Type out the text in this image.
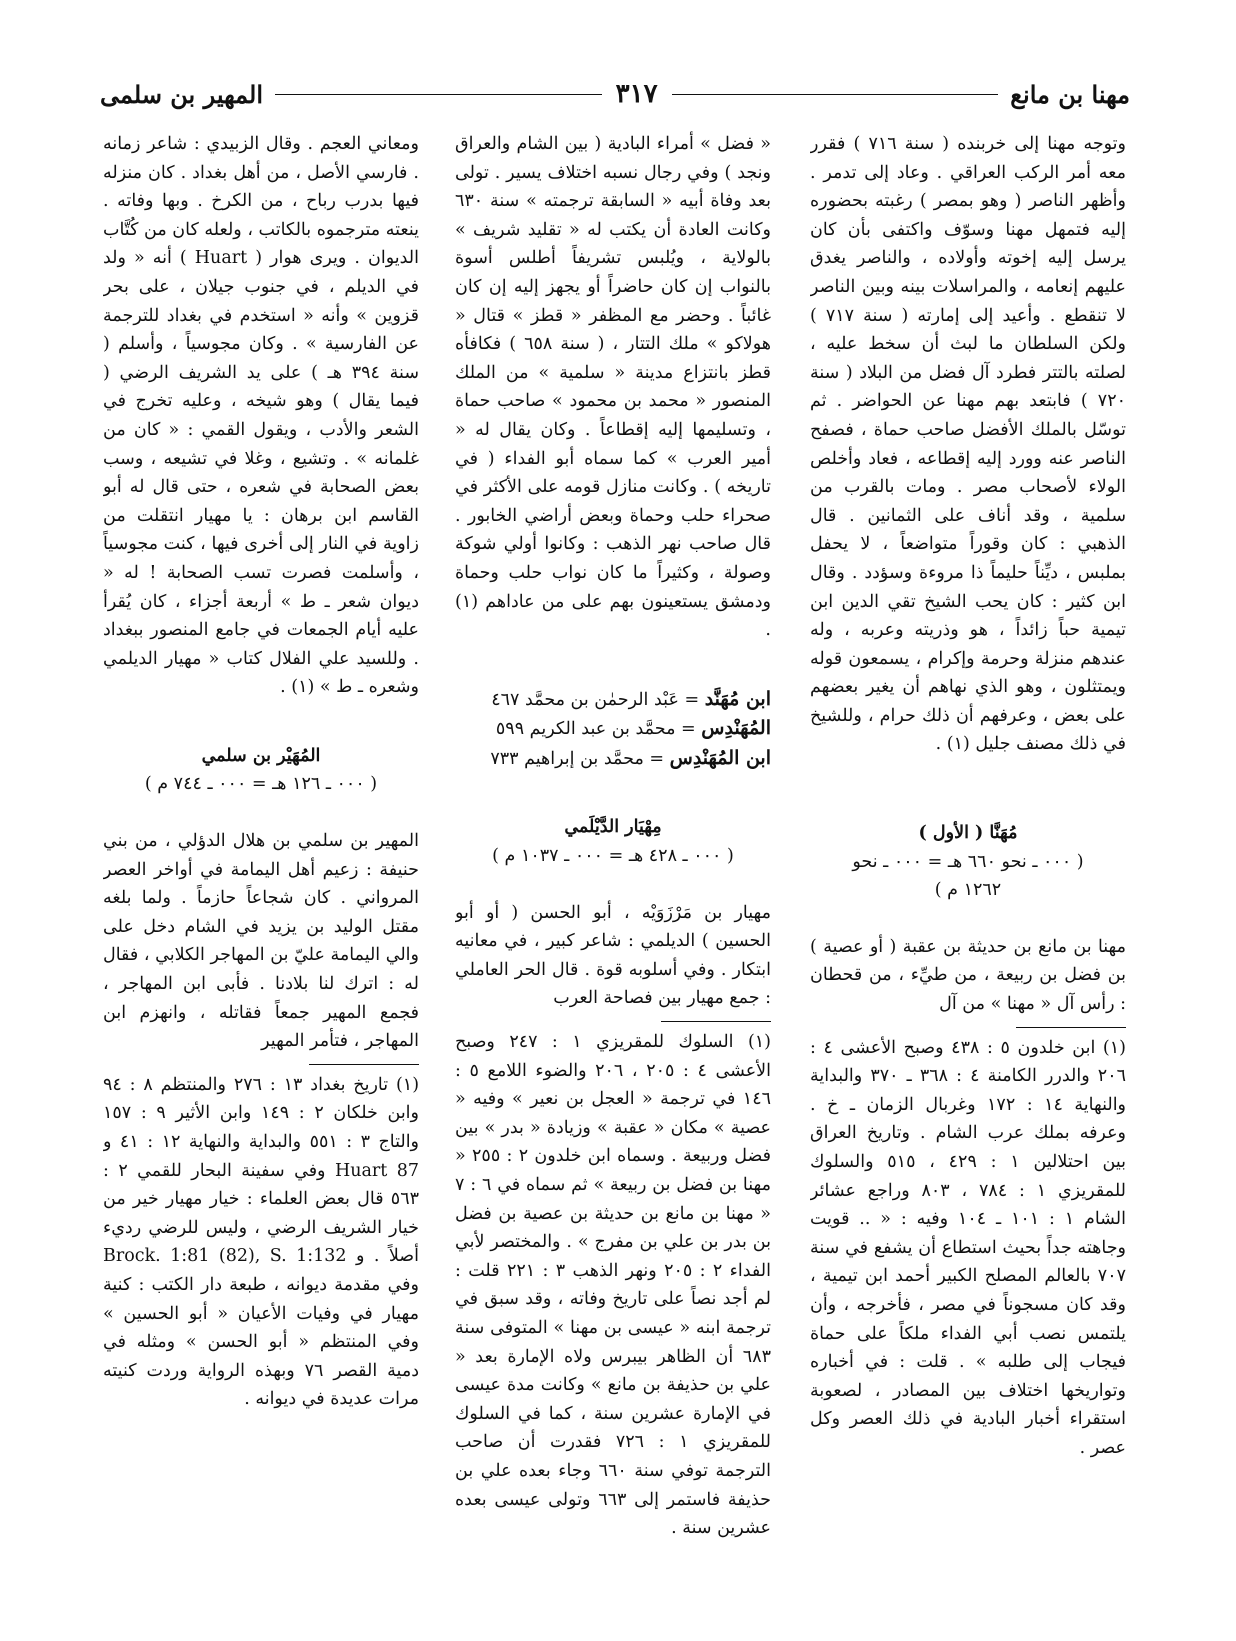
مهنا بن مانع
٣١٧
المهير بن سلمى

وتوجه مهنا إلى خربنده ( سنة ٧١٦ ) فقرر معه أمر الركب العراقي . وعاد إلى تدمر . وأظهر الناصر ( وهو بمصر ) رغبته بحضوره إليه فتمهل مهنا وسوّف واكتفى بأن كان يرسل إليه إخوته وأولاده ، والناصر يغدق عليهم إنعامه ، والمراسلات بينه وبين الناصر لا تنقطع . وأعيد إلى إمارته ( سنة ٧١٧ ) ولكن السلطان ما لبث أن سخط عليه ، لصلته بالتتر فطرد آل فضل من البلاد ( سنة ٧٢٠ ) فابتعد بهم مهنا عن الحواضر . ثم توسّل بالملك الأفضل صاحب حماة ، فصفح الناصر عنه وورد إليه إقطاعه ، فعاد وأخلص الولاء لأصحاب مصر . ومات بالقرب من سلمية ، وقد أناف على الثمانين . قال الذهبي : كان وقوراً متواضعاً ، لا يحفل بملبس ، ديِّناً حليماً ذا مروءة وسؤدد . وقال ابن كثير : كان يحب الشيخ تقي الدين ابن تيمية حباً زائداً ، هو وذريته وعربه ، وله عندهم منزلة وحرمة وإكرام ، يسمعون قوله ويمتثلون ، وهو الذي نهاهم أن يغير بعضهم على بعض ، وعرفهم أن ذلك حرام ، وللشيخ في ذلك مصنف جليل (١) .

مُهَنَّا ( الأول )

( ٠٠٠ ـ نحو ٦٦٠ هـ = ٠٠٠ ـ نحو

١٢٦٢ م )

مهنا بن مانع بن حديثة بن عقبة ( أو عصية ) بن فضل بن ربيعة ، من طيِّء ، من قحطان : رأس آل « مهنا » من آل

(١) ابن خلدون ٥ : ٤٣٨ وصبح الأعشى ٤ : ٢٠٦ والدرر الكامنة ٤ : ٣٦٨ ـ ٣٧٠ والبداية والنهاية ١٤ : ١٧٢ وغربال الزمان ـ خ . وعرفه بملك عرب الشام . وتاريخ العراق بين احتلالين ١ : ٤٢٩ ، ٥١٥ والسلوك للمقريزي ١ : ٧٨٤ ، ٨٠٣ وراجع عشائر الشام ١ : ١٠١ ـ ١٠٤ وفيه : « .. قويت وجاهته جداً بحيث استطاع أن يشفع في سنة ٧٠٧ بالعالم المصلح الكبير أحمد ابن تيمية ، وقد كان مسجوناً في مصر ، فأخرجه ، وأن يلتمس نصب أبي الفداء ملكاً على حماة فيجاب إلى طلبه » . قلت : في أخباره وتواريخها اختلاف بين المصادر ، لصعوبة استقراء أخبار البادية في ذلك العصر وكل عصر .

« فضل » أمراء البادية ( بين الشام والعراق ونجد ) وفي رجال نسبه اختلاف يسير . تولى بعد وفاة أبيه « السابقة ترجمته » سنة ٦٣٠ وكانت العادة أن يكتب له « تقليد شريف » بالولاية ، ويُلبس تشريفاً أطلس أسوة بالنواب إن كان حاضراً أو يجهز إليه إن كان غائباً . وحضر مع المظفر « قطز » قتال « هولاكو » ملك التتار ، ( سنة ٦٥٨ ) فكافأه قطز بانتزاع مدينة « سلمية » من الملك المنصور « محمد بن محمود » صاحب حماة ، وتسليمها إليه إقطاعاً . وكان يقال له « أمير العرب » كما سماه أبو الفداء ( في تاريخه ) . وكانت منازل قومه على الأكثر في صحراء حلب وحماة وبعض أراضي الخابور . قال صاحب نهر الذهب : وكانوا أولي شوكة وصولة ، وكثيراً ما كان نواب حلب وحماة ودمشق يستعينون بهم على من عاداهم (١) .

ابن مُهَنَّد = عَبْد الرحمٰن بن محمَّد ٤٦٧

المُهَنْدِس = محمَّد بن عبد الكريم ٥٩٩

ابن المُهَنْدِس = محمَّد بن إبراهيم ٧٣٣

مِهْيَار الدَّيْلَمي

( ٠٠٠ ـ ٤٢٨ هـ = ٠٠٠ ـ ١٠٣٧ م )

مهيار بن مَرْزَوَيْه ، أبو الحسن ( أو أبو الحسين ) الديلمي : شاعر كبير ، في معانيه ابتكار . وفي أسلوبه قوة . قال الحر العاملي : جمع مهيار بين فصاحة العرب

(١) السلوك للمقريزي ١ : ٢٤٧ وصبح الأعشى ٤ : ٢٠٥ ، ٢٠٦ والضوء اللامع ٥ : ١٤٦ في ترجمة « العجل بن نعير » وفيه « عصية » مكان « عقبة » وزيادة « بدر » بين فضل وربيعة . وسماه ابن خلدون ٢ : ٢٥٥ « مهنا بن فضل بن ربيعة » ثم سماه في ٦ : ٧ « مهنا بن مانع بن حديثة بن عصية بن فضل بن بدر بن علي بن مفرج » . والمختصر لأبي الفداء ٢ : ٢٠٥ ونهر الذهب ٣ : ٢٢١ قلت : لم أجد نصاً على تاريخ وفاته ، وقد سبق في ترجمة ابنه « عيسى بن مهنا » المتوفى سنة ٦٨٣ أن الظاهر بيبرس ولاه الإمارة بعد « علي بن حذيفة بن مانع » وكانت مدة عيسى في الإمارة عشرين سنة ، كما في السلوك للمقريزي ١ : ٧٢٦ فقدرت أن صاحب الترجمة توفي سنة ٦٦٠ وجاء بعده علي بن حذيفة فاستمر إلى ٦٦٣ وتولى عيسى بعده عشرين سنة .

ومعاني العجم . وقال الزبيدي : شاعر زمانه . فارسي الأصل ، من أهل بغداد . كان منزله فيها بدرب رباح ، من الكرخ . وبها وفاته . ينعته مترجموه بالكاتب ، ولعله كان من كُتَّاب الديوان . ويرى هوار ( Huart ) أنه « ولد في الديلم ، في جنوب جيلان ، على بحر قزوين » وأنه « استخدم في بغداد للترجمة عن الفارسية » . وكان مجوسياً ، وأسلم ( سنة ٣٩٤ هـ ) على يد الشريف الرضي ( فيما يقال ) وهو شيخه ، وعليه تخرج في الشعر والأدب ، ويقول القمي : « كان من غلمانه » . وتشيع ، وغلا في تشيعه ، وسب بعض الصحابة في شعره ، حتى قال له أبو القاسم ابن برهان : يا مهيار انتقلت من زاوية في النار إلى أخرى فيها ، كنت مجوسياً ، وأسلمت فصرت تسب الصحابة ! له « ديوان شعر ـ ط » أربعة أجزاء ، كان يُقرأ عليه أيام الجمعات في جامع المنصور ببغداد . وللسيد علي الفلال كتاب « مهيار الديلمي وشعره ـ ط » (١) .

المُهَيْر بن سلمي

( ٠٠٠ ـ ١٢٦ هـ = ٠٠٠ ـ ٧٤٤ م )

المهير بن سلمي بن هلال الدؤلي ، من بني حنيفة : زعيم أهل اليمامة في أواخر العصر المرواني . كان شجاعاً حازماً . ولما بلغه مقتل الوليد بن يزيد في الشام دخل على والي اليمامة عليّ بن المهاجر الكلابي ، فقال له : اترك لنا بلادنا . فأبى ابن المهاجر ، فجمع المهير جمعاً فقاتله ، وانهزم ابن المهاجر ، فتأمر المهير

(١) تاريخ بغداد ١٣ : ٢٧٦ والمنتظم ٨ : ٩٤ وابن خلكان ٢ : ١٤٩ وابن الأثير ٩ : ١٥٧ والتاج ٣ : ٥٥١ والبداية والنهاية ١٢ : ٤١ و Huart 87 وفي سفينة البحار للقمي ٢ : ٥٦٣ قال بعض العلماء : خيار مهيار خير من خيار الشريف الرضي ، وليس للرضي رديء أصلاً . و Brock. 1:81 (82), S. 1:132 وفي مقدمة ديوانه ، طبعة دار الكتب : كنية مهيار في وفيات الأعيان « أبو الحسين » وفي المنتظم « أبو الحسن » ومثله في دمية القصر ٧٦ وبهذه الرواية وردت كنيته مرات عديدة في ديوانه .
